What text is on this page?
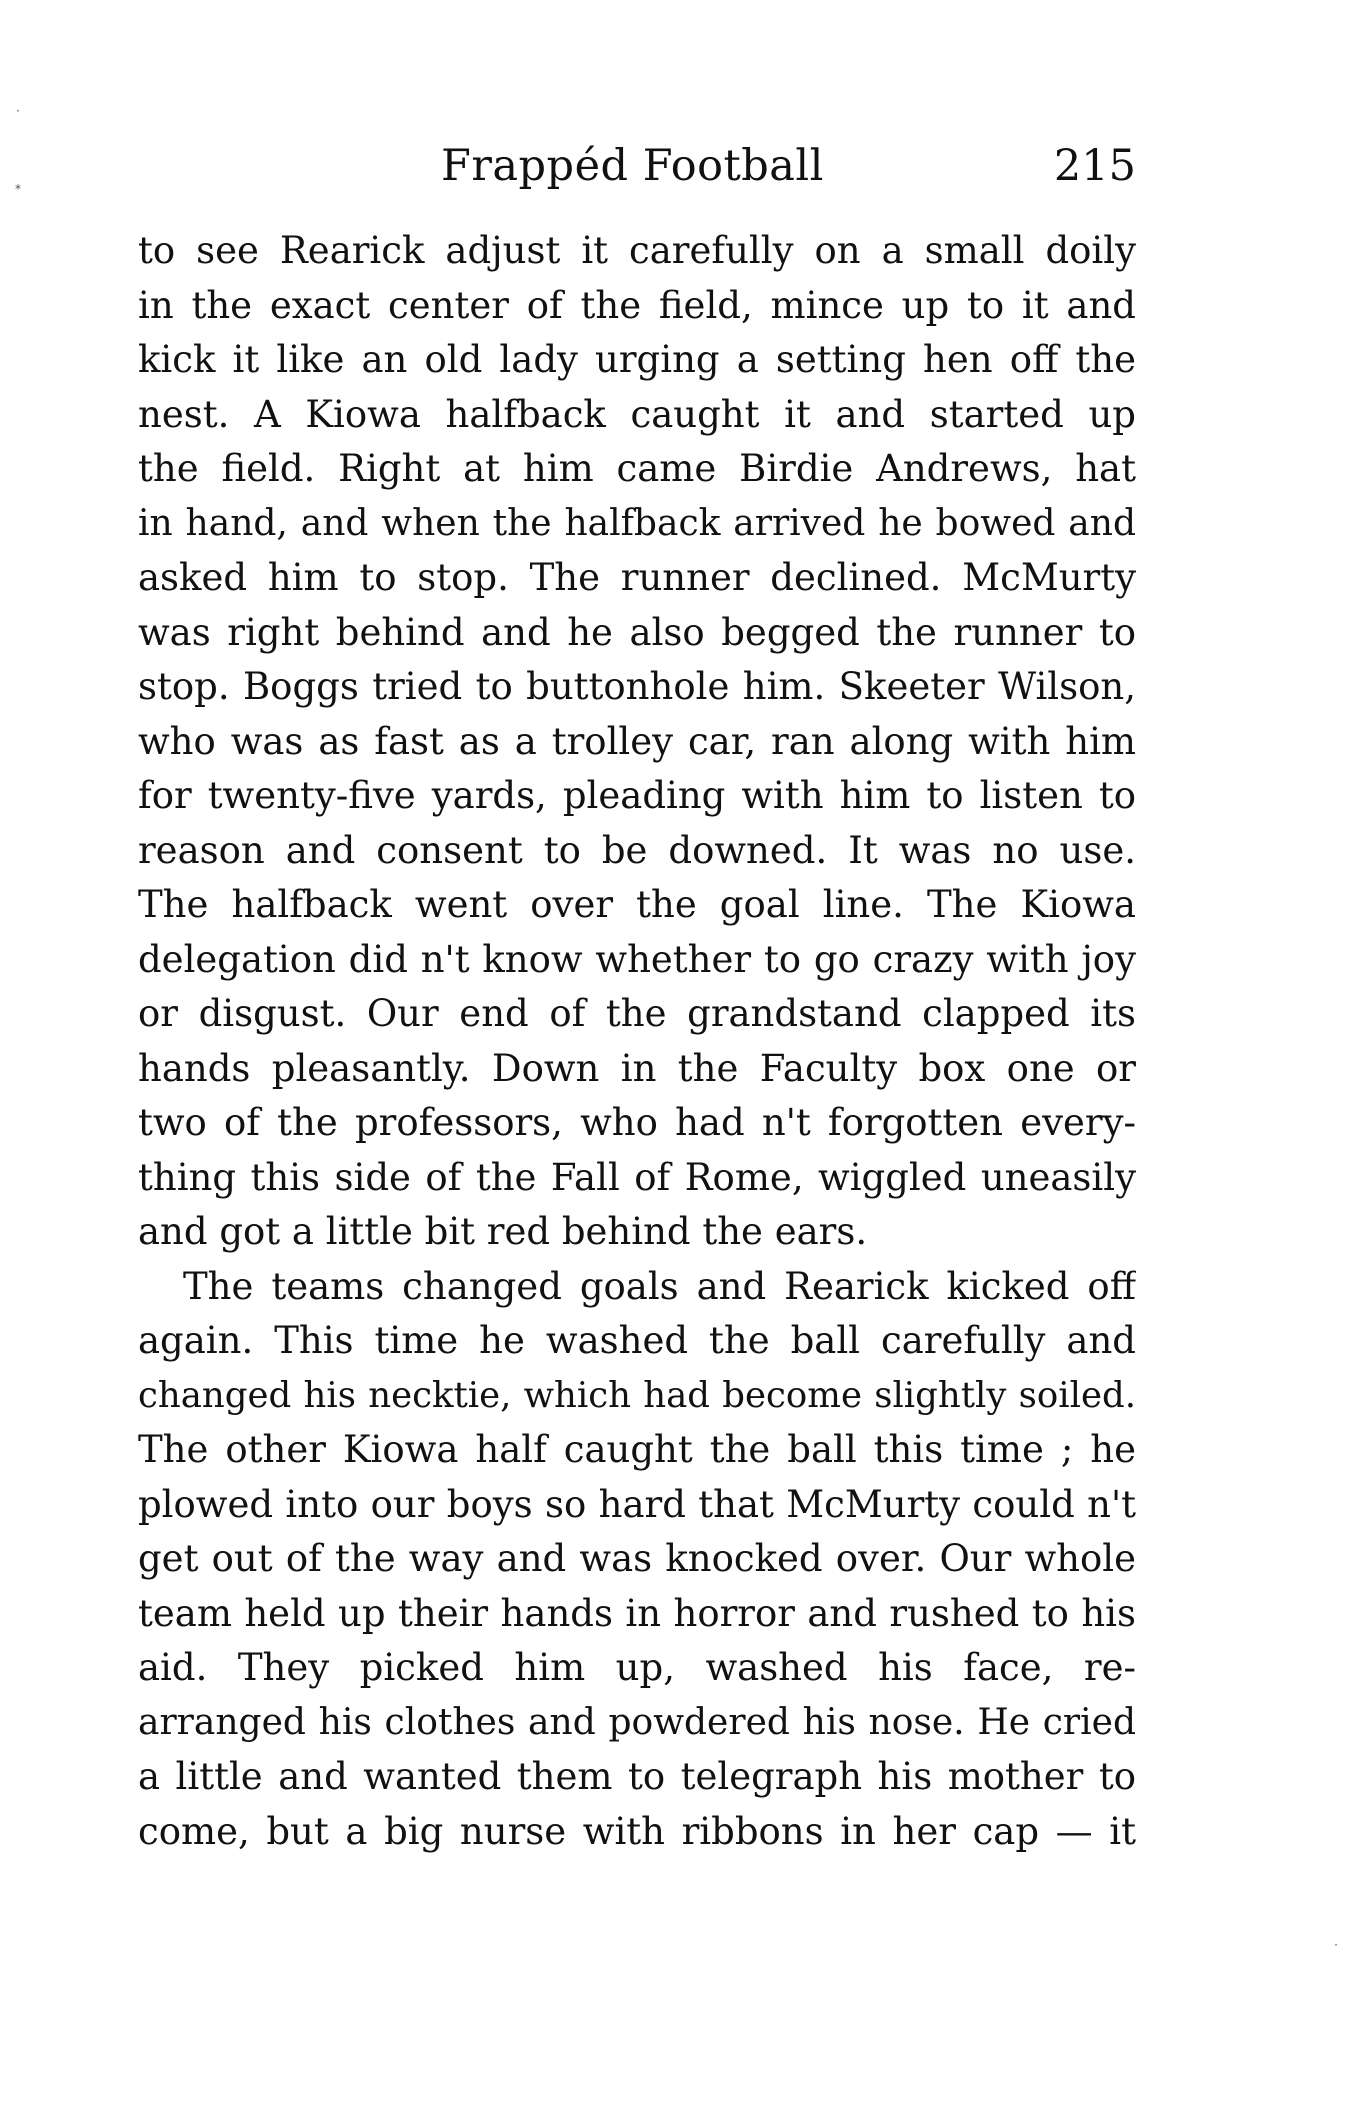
·
*
·
Frappéd Football	215
to see Rearick adjust it carefully on a small doily
in the exact center of the field, mince up to it and
kick it like an old lady urging a setting hen off the
nest. A Kiowa halfback caught it and started up
the field. Right at him came Birdie Andrews, hat
in hand, and when the halfback arrived he bowed and
asked him to stop. The runner declined. McMurty
was right behind and he also begged the runner to
stop. Boggs tried to buttonhole him. Skeeter Wilson,
who was as fast as a trolley car, ran along with him
for twenty-five yards, pleading with him to listen to
reason and consent to be downed. It was no use.
The halfback went over the goal line. The Kiowa
delegation did n't know whether to go crazy with joy
or disgust. Our end of the grandstand clapped its
hands pleasantly. Down in the Faculty box one or
two of the professors, who had n't forgotten every-
thing this side of the Fall of Rome, wiggled uneasily
and got a little bit red behind the ears.
The teams changed goals and Rearick kicked off
again. This time he washed the ball carefully and
changed his necktie, which had become slightly soiled.
The other Kiowa half caught the ball this time ; he
plowed into our boys so hard that McMurty could n't
get out of the way and was knocked over. Our whole
team held up their hands in horror and rushed to his
aid. They picked him up, washed his face, re-
arranged his clothes and powdered his nose. He cried
a little and wanted them to telegraph his mother to
come, but a big nurse with ribbons in her cap — it
